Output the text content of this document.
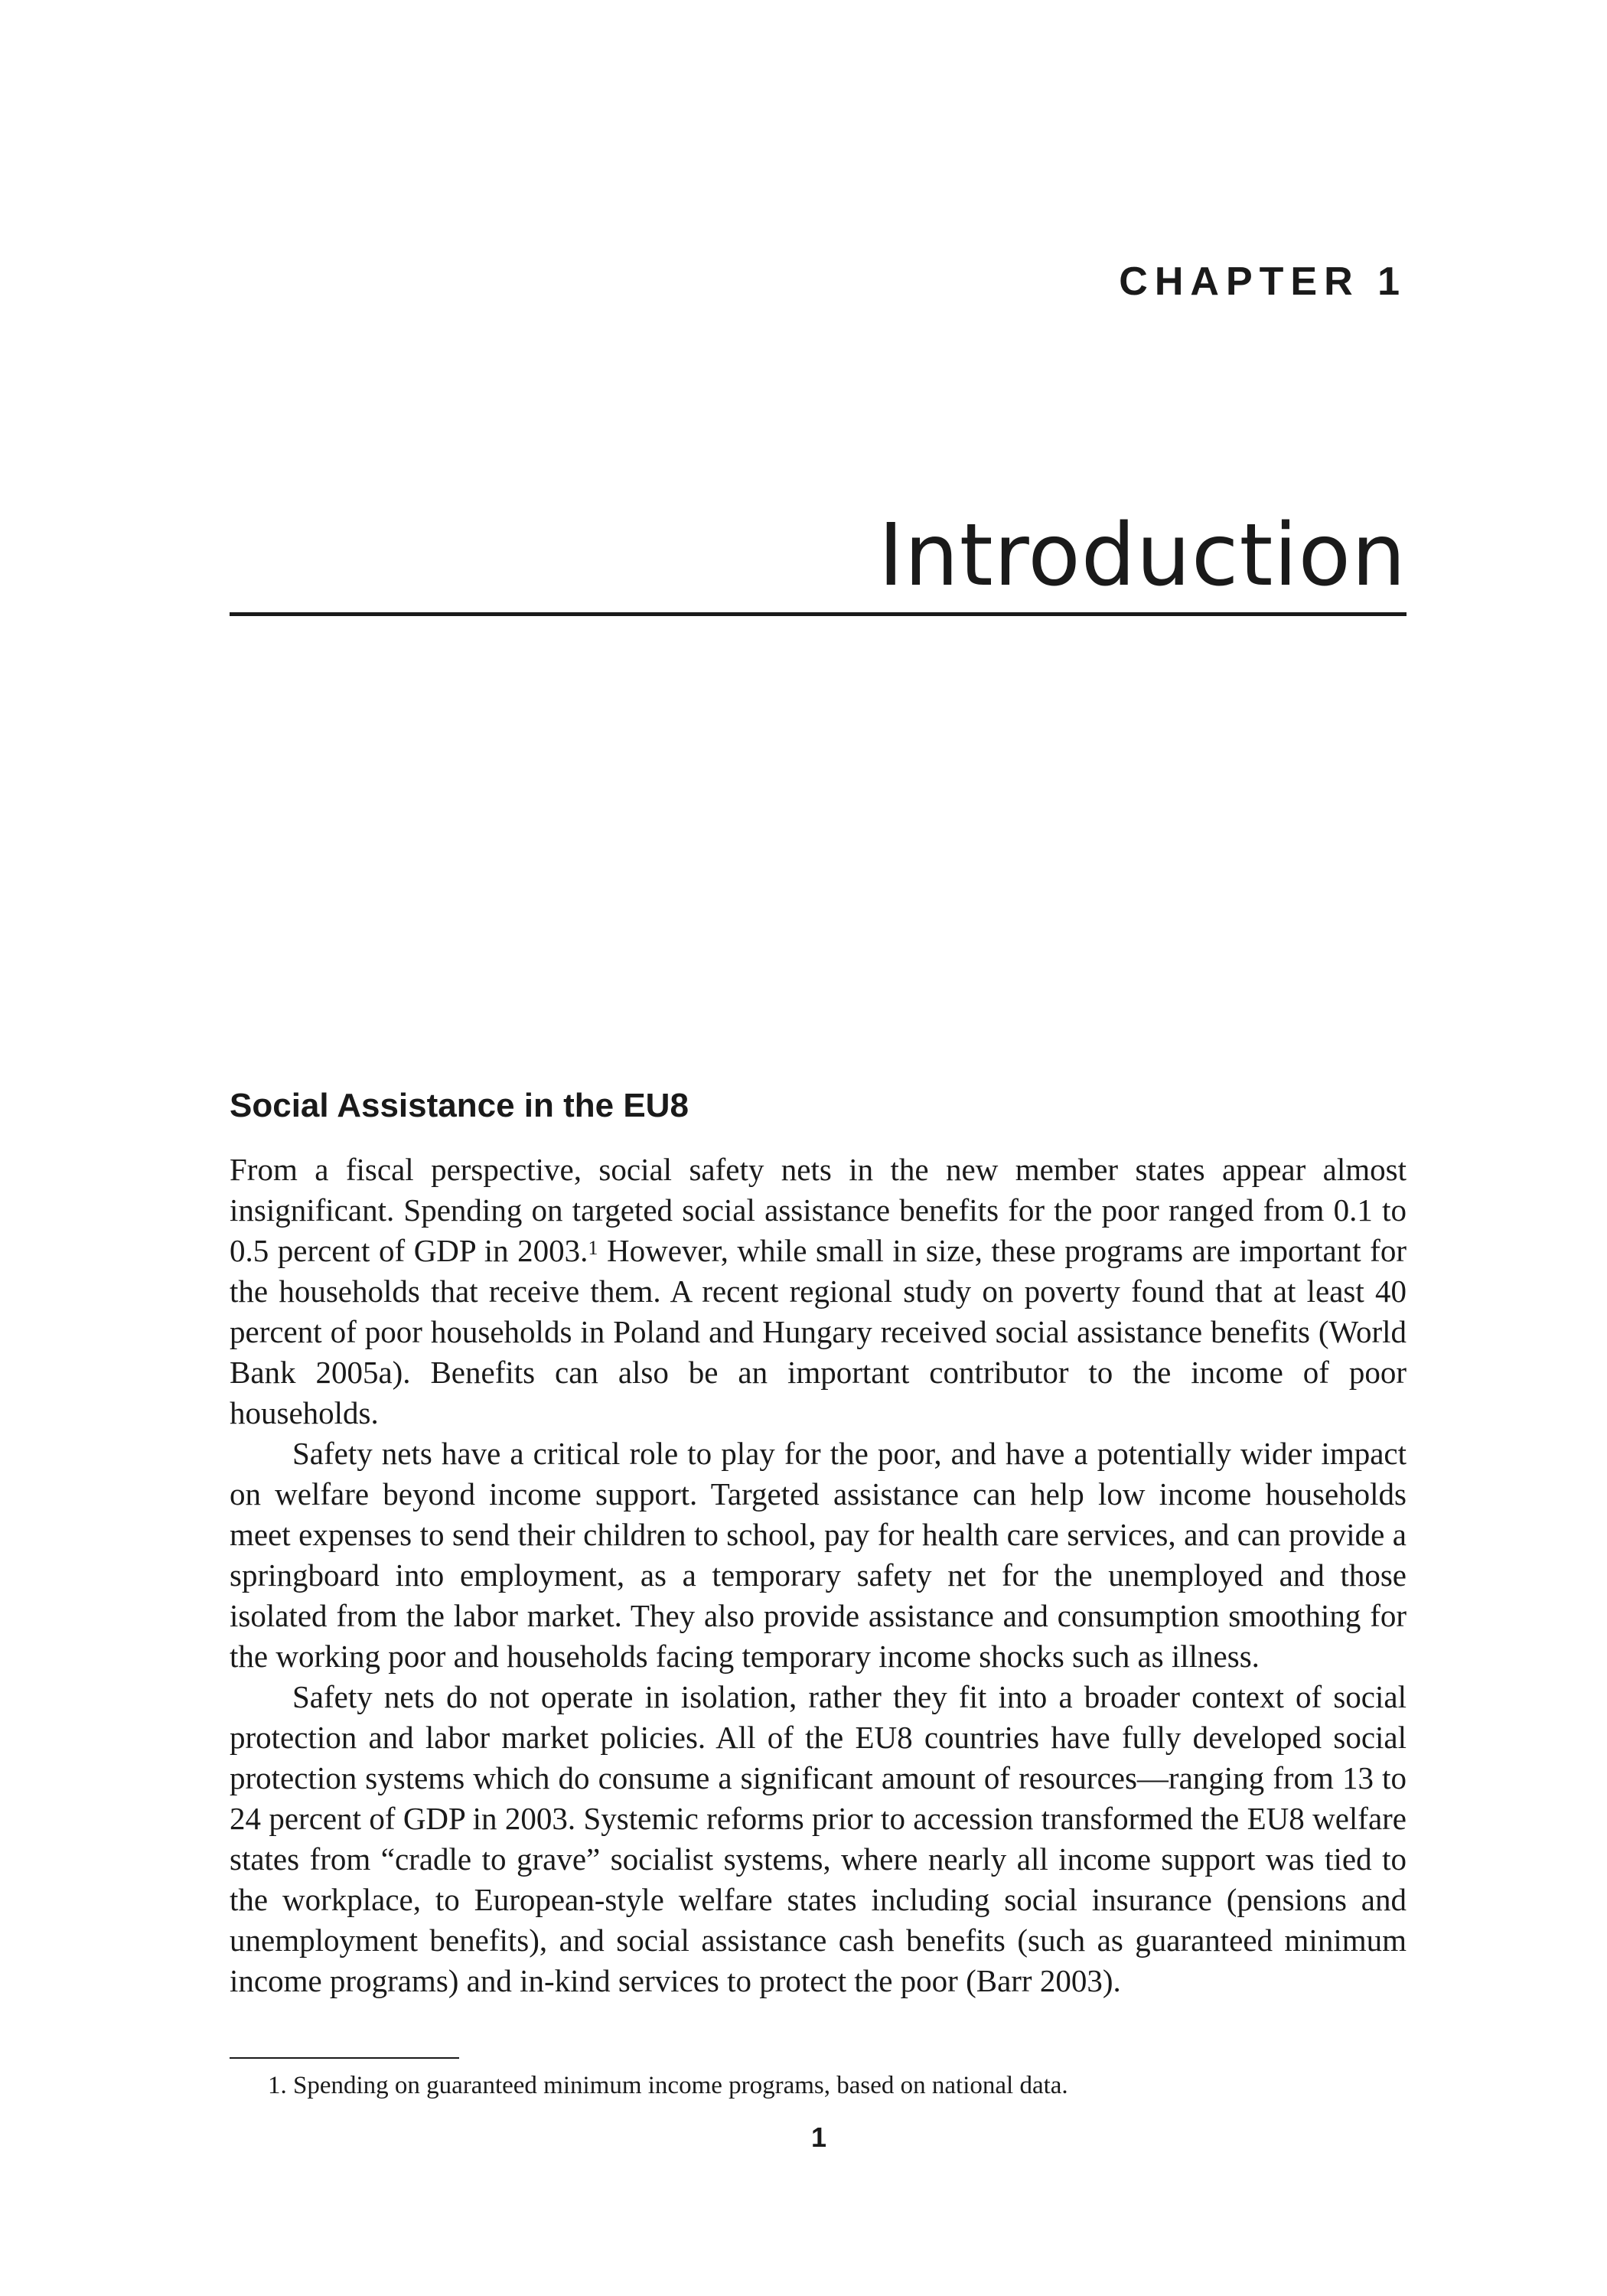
CHAPTER 1
Introduction
Social Assistance in the EU8

From a fiscal perspective, social safety nets in the new member states appear almost insignificant. Spending on targeted social assistance benefits for the poor ranged from 0.1 to 0.5 percent of GDP in 2003.$^1$ However, while small in size, these programs are important for the households that receive them. A recent regional study on poverty found that at least 40 percent of poor households in Poland and Hungary received social assistance benefits (World Bank 2005a). Benefits can also be an important contributor to the income of poor households.

Safety nets have a critical role to play for the poor, and have a potentially wider impact on welfare beyond income support. Targeted assistance can help low income households meet expenses to send their children to school, pay for health care services, and can provide a springboard into employment, as a temporary safety net for the unemployed and those isolated from the labor market. They also provide assistance and consumption smoothing for the working poor and households facing temporary income shocks such as illness.

Safety nets do not operate in isolation, rather they fit into a broader context of social protection and labor market policies. All of the EU8 countries have fully developed social protection systems which do consume a significant amount of resources—ranging from 13 to 24 percent of GDP in 2003. Systemic reforms prior to accession transformed the EU8 welfare states from “cradle to grave” socialist systems, where nearly all income support was tied to the workplace, to European-style welfare states including social insurance (pensions and unemployment benefits), and social assistance cash benefits (such as guaranteed minimum income programs) and in-kind services to protect the poor (Barr 2003).

1. Spending on guaranteed minimum income programs, based on national data.

1
